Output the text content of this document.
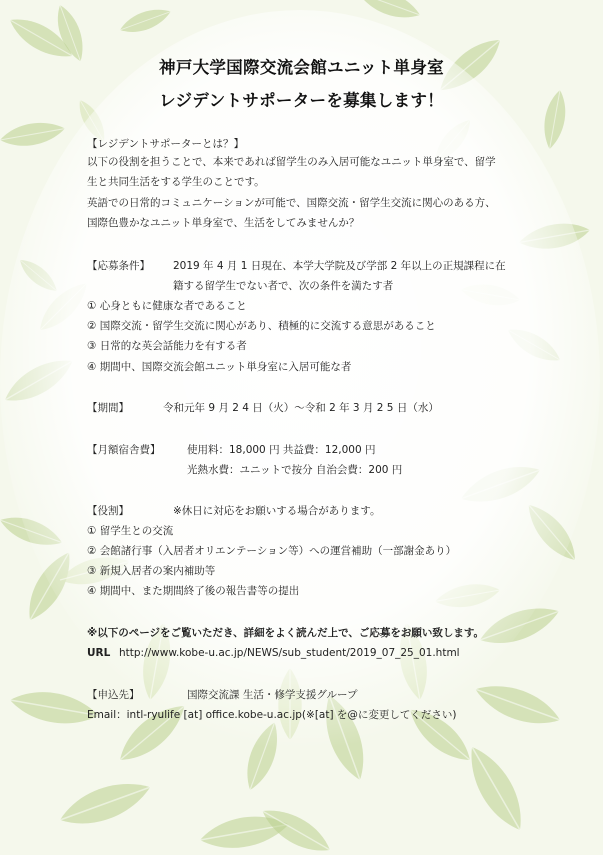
神戸大学国際交流会館ユニット単身室
レジデントサポーターを募集します！
【レジデントサポーターとは？】
以下の役割を担うことで、本来であれば留学生のみ入居可能なユニット単身室で、留学
生と共同生活をする学生のことです。
英語での日常的コミュニケーションが可能で、国際交流・留学生交流に関心のある方、
国際色豊かなユニット単身室で、生活をしてみませんか？
【応募条件】 2019 年 4 月 1 日現在、本学大学院及び学部 2 年以上の正規課程に在
籍する留学生でない者で、次の条件を満たす者
① 心身ともに健康な者であること
② 国際交流・留学生交流に関心があり、積極的に交流する意思があること
③ 日常的な英会話能力を有する者
④ 期間中、国際交流会館ユニット単身室に入居可能な者
【期間】	令和元年 9 月 2 4 日（火）～令和 2 年 3 月 2 5 日（水）
【月額宿舎費】	使用料：18,000 円 共益費：12,000 円
光熱水費：ユニットで按分 自治会費：200 円
【役割】	※休日に対応をお願いする場合があります。
① 留学生との交流
② 会館諸行事（入居者オリエンテーション等）への運営補助（一部謝金あり）
③ 新規入居者の案内補助等
④ 期間中、また期間終了後の報告書等の提出
※以下のページをご覧いただき、詳細をよく読んだ上で、ご応募をお願い致します。
URL http://www.kobe-u.ac.jp/NEWS/sub_student/2019_07_25_01.html
【申込先】	国際交流課 生活・修学支援グループ
Email：intl-ryulife [at] office.kobe-u.ac.jp(※[at] を@に変更してください)
